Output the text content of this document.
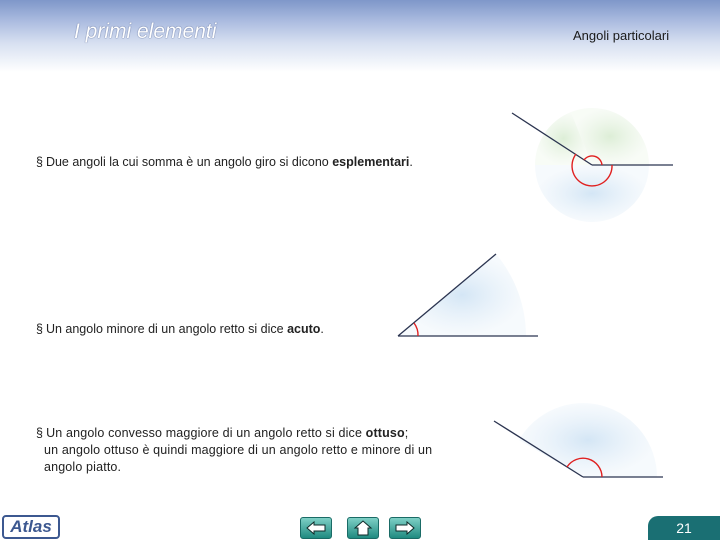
I primi elementi	Angoli particolari
§ Due angoli la cui somma è un angolo giro si dicono esplementari.
§ Un angolo minore di un angolo retto si dice acuto.
§ Un angolo convesso maggiore di un angolo retto si dice ottuso;
un angolo ottuso è quindi maggiore di un angolo retto e minore di un angolo piatto.
Atlas	21
